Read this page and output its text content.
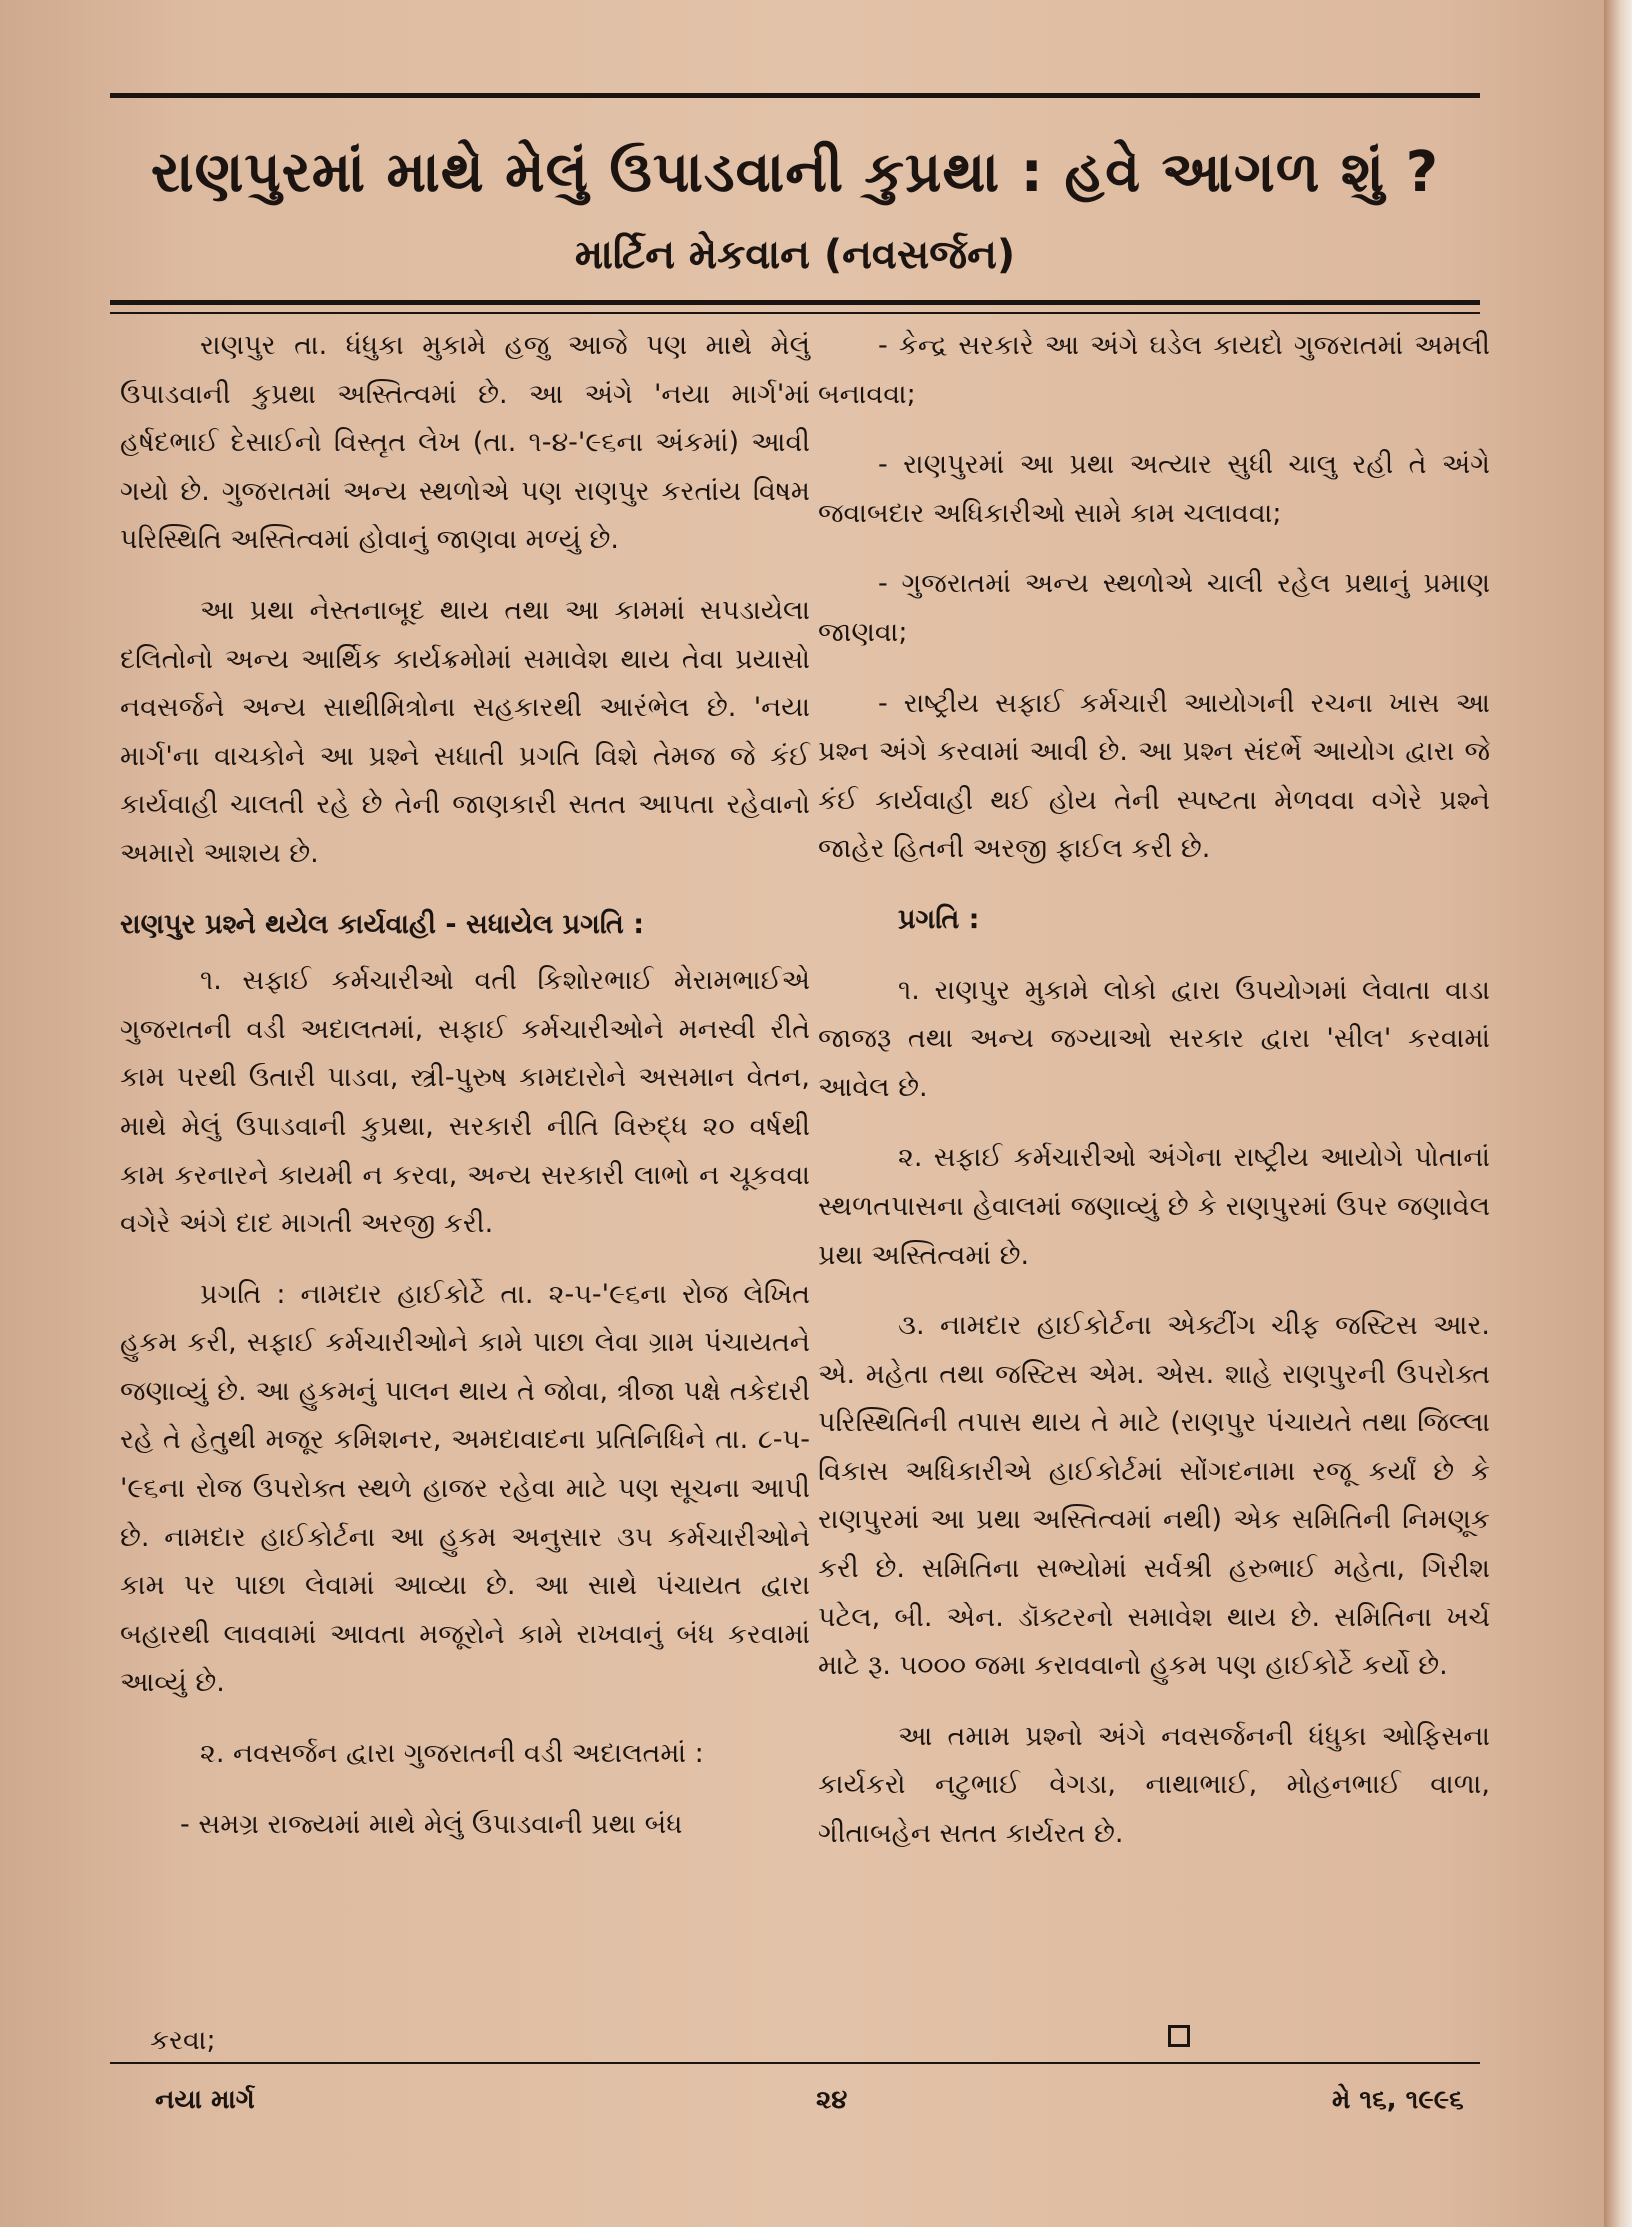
રાણપુરમાં માથે મેલું ઉપાડવાની કુપ્રથા : હવે આગળ શું ?
માર્ટિન મેકવાન (નવસર્જન)

રાણપુર તા. ધંધુકા મુકામે હજુ આજે પણ માથે મેલું ઉપાડવાની કુપ્રથા અસ્તિત્વમાં છે. આ અંગે 'નયા માર્ગ'માં હર્ષદભાઈ દેસાઈનો વિસ્તૃત લેખ (તા. ૧-૪-'૯૬ના અંકમાં) આવી ગયો છે. ગુજરાતમાં અન્ય સ્થળોએ પણ રાણપુર કરતાંય વિષમ પરિસ્થિતિ અસ્તિત્વમાં હોવાનું જાણવા મળ્યું છે.

આ પ્રથા નેસ્તનાબૂદ થાય તથા આ કામમાં સપડાયેલા દલિતોનો અન્ય આર્થિક કાર્યક્રમોમાં સમાવેશ થાય તેવા પ્રયાસો નવસર્જને અન્ય સાથીમિત્રોના સહકારથી આરંભેલ છે. 'નયા માર્ગ'ના વાચકોને આ પ્રશ્ને સધાતી પ્રગતિ વિશે તેમજ જે કંઈ કાર્યવાહી ચાલતી રહે છે તેની જાણકારી સતત આપતા રહેવાનો અમારો આશય છે.

રાણપુર પ્રશ્ને થયેલ કાર્યવાહી - સધાયેલ પ્રગતિ :

૧. સફાઈ કર્મચારીઓ વતી કિશોરભાઈ મેરામભાઈએ ગુજરાતની વડી અદાલતમાં, સફાઈ કર્મચારીઓને મનસ્વી રીતે કામ પરથી ઉતારી પાડવા, સ્ત્રી-પુરુષ કામદારોને અસમાન વેતન, માથે મેલું ઉપાડવાની કુપ્રથા, સરકારી નીતિ વિરુદ્ધ ૨૦ વર્ષથી કામ કરનારને કાયમી ન કરવા, અન્ય સરકારી લાભો ન ચૂકવવા વગેરે અંગે દાદ માગતી અરજી કરી.

પ્રગતિ : નામદાર હાઈકોર્ટે તા. ૨-૫-'૯૬ના રોજ લેખિત હુકમ કરી, સફાઈ કર્મચારીઓને કામે પાછા લેવા ગ્રામ પંચાયતને જણાવ્યું છે. આ હુકમનું પાલન થાય તે જોવા, ત્રીજા પક્ષે તકેદારી રહે તે હેતુથી મજૂર કમિશનર, અમદાવાદના પ્રતિનિધિને તા. ૮-૫-'૯૬ના રોજ ઉપરોક્ત સ્થળે હાજર રહેવા માટે પણ સૂચના આપી છે. નામદાર હાઈકોર્ટના આ હુકમ અનુસાર ૩૫ કર્મચારીઓને કામ પર પાછા લેવામાં આવ્યા છે. આ સાથે પંચાયત દ્વારા બહારથી લાવવામાં આવતા મજૂરોને કામે રાખવાનું બંધ કરવામાં આવ્યું છે.

૨. નવસર્જન દ્વારા ગુજરાતની વડી અદાલતમાં :

- સમગ્ર રાજ્યમાં માથે મેલું ઉપાડવાની પ્રથા બંધ

- કેન્દ્ર સરકારે આ અંગે ઘડેલ કાયદો ગુજરાતમાં અમલી બનાવવા;

- રાણપુરમાં આ પ્રથા અત્યાર સુધી ચાલુ રહી તે અંગે જવાબદાર અધિકારીઓ સામે કામ ચલાવવા;

- ગુજરાતમાં અન્ય સ્થળોએ ચાલી રહેલ પ્રથાનું પ્રમાણ જાણવા;

- રાષ્ટ્રીય સફાઈ કર્મચારી આયોગની રચના ખાસ આ પ્રશ્ન અંગે કરવામાં આવી છે. આ પ્રશ્ન સંદર્ભે આયોગ દ્વારા જે કંઈ કાર્યવાહી થઈ હોય તેની સ્પષ્ટતા મેળવવા વગેરે પ્રશ્ને જાહેર હિતની અરજી ફાઈલ કરી છે.

પ્રગતિ :

૧. રાણપુર મુકામે લોકો દ્વારા ઉપયોગમાં લેવાતા વાડા જાજરૂ તથા અન્ય જગ્યાઓ સરકાર દ્વારા 'સીલ' કરવામાં આવેલ છે.

૨. સફાઈ કર્મચારીઓ અંગેના રાષ્ટ્રીય આયોગે પોતાનાં સ્થળતપાસના હેવાલમાં જણાવ્યું છે કે રાણપુરમાં ઉપર જણાવેલ પ્રથા અસ્તિત્વમાં છે.

૩. નામદાર હાઈકોર્ટના એક્ટીંગ ચીફ જસ્ટિસ આર. એ. મહેતા તથા જસ્ટિસ એમ. એસ. શાહે રાણપુરની ઉપરોક્ત પરિસ્થિતિની તપાસ થાય તે માટે (રાણપુર પંચાયતે તથા જિલ્લા વિકાસ અધિકારીએ હાઈકોર્ટમાં સોંગદનામા રજૂ કર્યાં છે કે રાણપુરમાં આ પ્રથા અસ્તિત્વમાં નથી) એક સમિતિની નિમણૂક કરી છે. સમિતિના સભ્યોમાં સર્વશ્રી હરુભાઈ મહેતા, ગિરીશ પટેલ, બી. એન. ડૉક્ટરનો સમાવેશ થાય છે. સમિતિના ખર્ચ માટે રૂ. ૫૦૦૦ જમા કરાવવાનો હુકમ પણ હાઈકોર્ટે કર્યો છે.

આ તમામ પ્રશ્નો અંગે નવસર્જનની ધંધુકા ઓફિસના કાર્યકરો નટુભાઈ વેગડા, નાથાભાઈ, મોહનભાઈ વાળા, ગીતાબહેન સતત કાર્યરત છે.

કરવા;
નયા માર્ગ	૨૪	મે ૧૬, ૧૯૯૬
